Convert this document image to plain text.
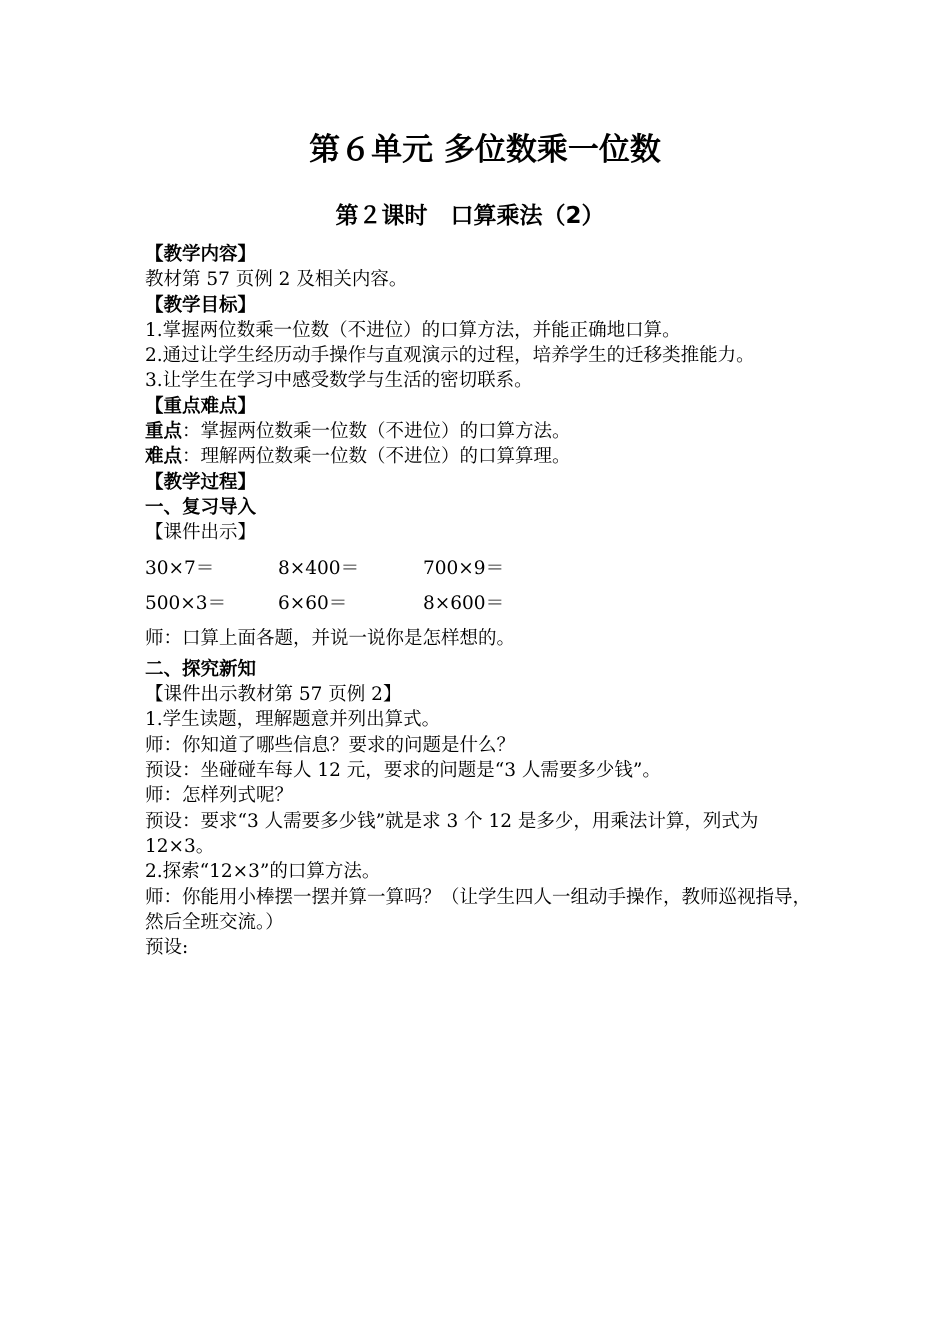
第６单元 多位数乘一位数
第２课时　口算乘法（2）

【教学内容】

教材第 57 页例 2 及相关内容。

【教学目标】

1.掌握两位数乘一位数（不进位）的口算方法，并能正确地口算。

2.通过让学生经历动手操作与直观演示的过程，培养学生的迁移类推能力。

3.让学生在学习中感受数学与生活的密切联系。

【重点难点】

重点：掌握两位数乘一位数（不进位）的口算方法。

难点：理解两位数乘一位数（不进位）的口算算理。

【教学过程】

一、复习导入

【课件出示】

30×7＝	8×400＝	700×9＝
500×3＝	6×60＝	8×600＝

师：口算上面各题，并说一说你是怎样想的。

二、探究新知

【课件出示教材第 57 页例 2】

1.学生读题，理解题意并列出算式。

师：你知道了哪些信息？要求的问题是什么？

预设：坐碰碰车每人 12 元，要求的问题是“3 人需要多少钱”。

师：怎样列式呢？

预设：要求“3 人需要多少钱”就是求 3 个 12 是多少，用乘法计算，列式为 12×3。

2.探索“12×3”的口算方法。

师：你能用小棒摆一摆并算一算吗？（让学生四人一组动手操作，教师巡视指导，然后全班交流。）

预设:
